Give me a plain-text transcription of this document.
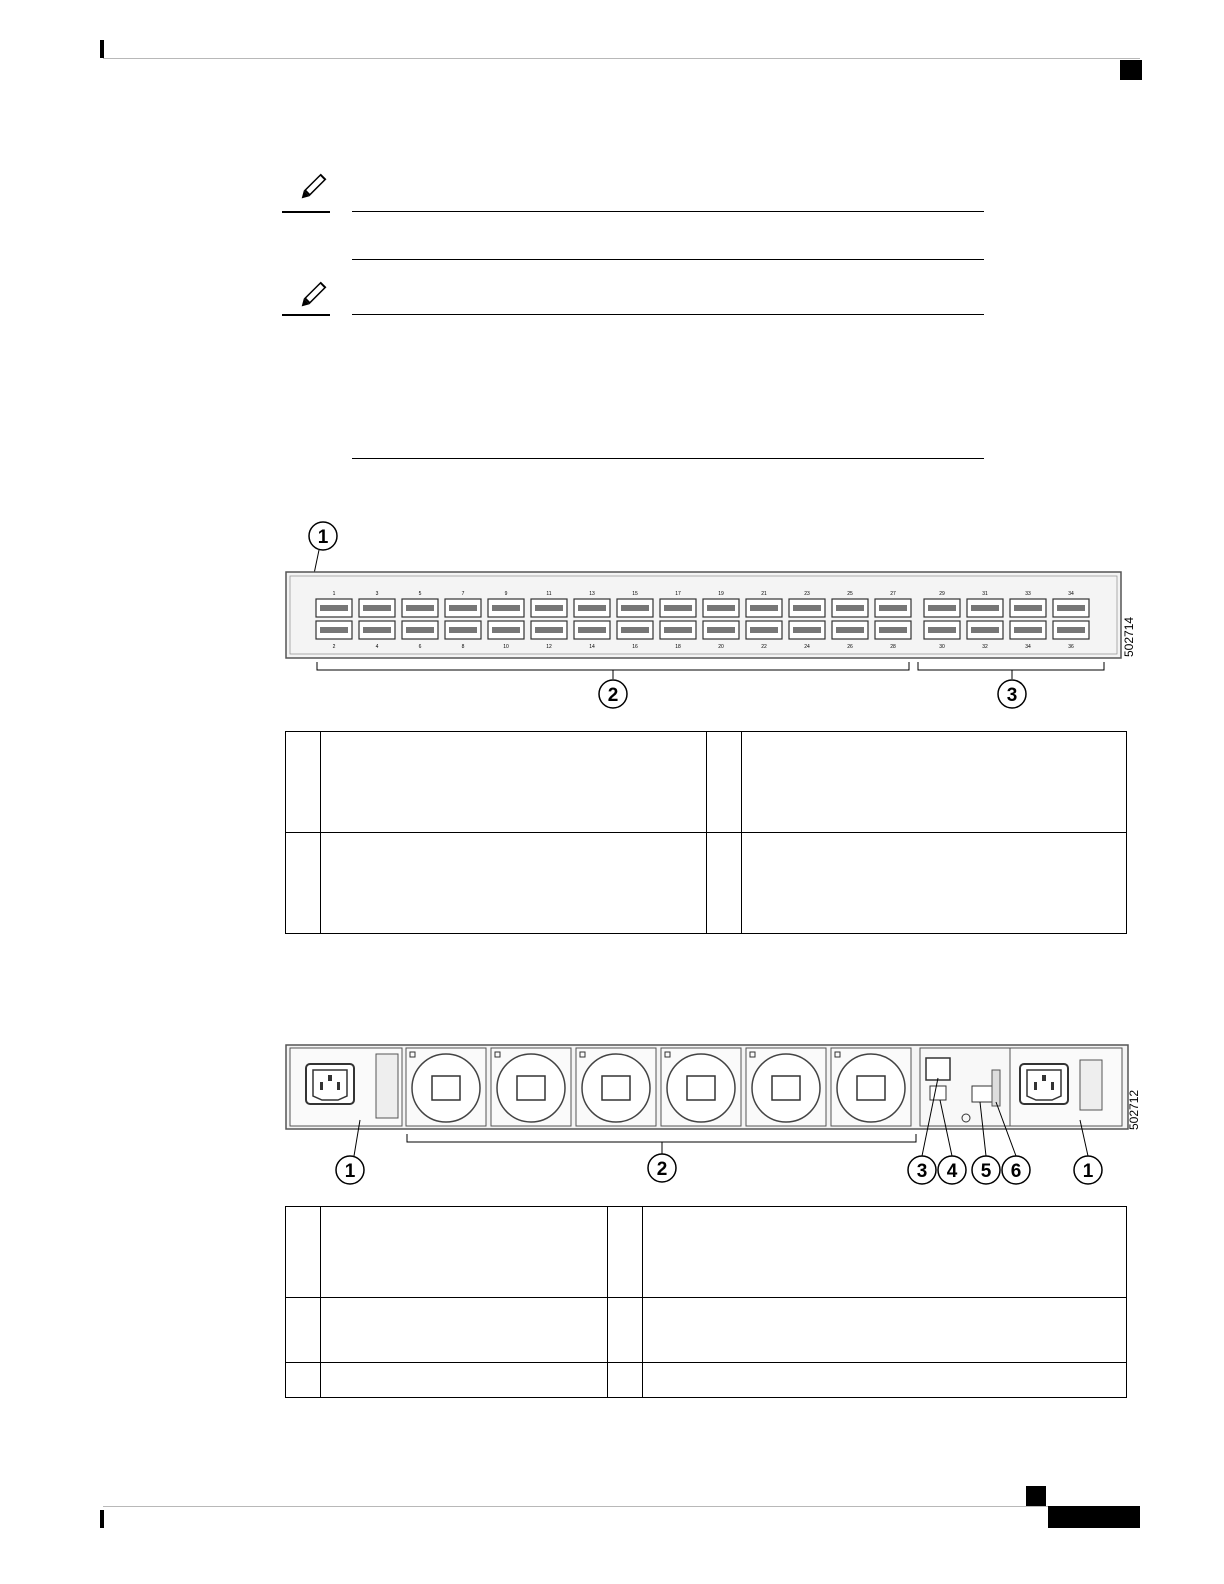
1
1
2
3
4
5
6
7
8
9
10
11
12
13
14
15
16
17
18
19
20
21
22
23
24
25
26
27
28
29
30
31
32
33
34
34
36
2	3
502714

1	2	3 4 5 6	1
502712
